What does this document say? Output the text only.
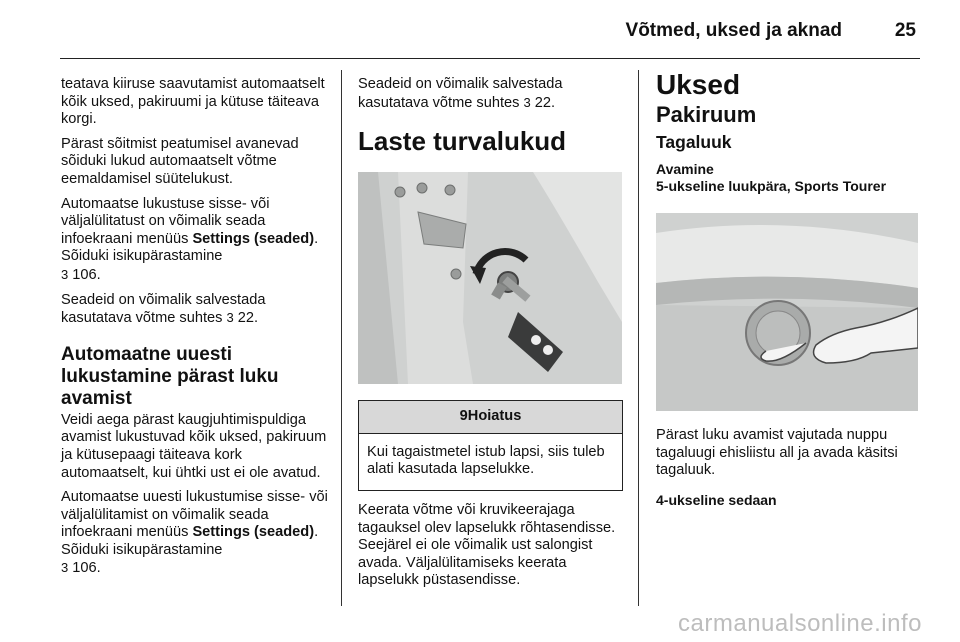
Võtmed, uksed ja aknad	25

teatava kiiruse saavutamist automaatselt kõik uksed, pakiruumi ja kütuse täiteava korgi.

Pärast sõitmist peatumisel avanevad sõiduki lukud automaatselt võtme eemaldamisel süütelukust.

Automaatse lukustuse sisse- või väljalülitatust on võimalik seada infoekraani menüüs Settings (seaded). Sõiduki isikupärastamine
3 106.

Seadeid on võimalik salvestada kasutatava võtme suhtes 3 22.

Automaatne uuesti lukustamine pärast luku avamist

Veidi aega pärast kaugjuhtimispuldiga avamist lukustuvad kõik uksed, pakiruum ja kütusepaagi täiteava kork automaatselt, kui ühtki ust ei ole avatud.

Automaatse uuesti lukustumise sisse- või väljalülitamist on võimalik seada infoekraani menüüs Settings (seaded). Sõiduki isikupärastamine
3 106.

Seadeid on võimalik salvestada kasutatava võtme suhtes 3 22.

Laste turvalukud
9Hoiatus
Kui tagaistmetel istub lapsi, siis tuleb alati kasutada lapselukke.

Keerata võtme või kruvikeerajaga tagauksel olev lapselukk rõhtasendisse. Seejärel ei ole võimalik ust salongist avada. Väljalülitamiseks keerata lapselukk püstasendisse.

Uksed
Pakiruum
Tagaluuk
Avamine
5-ukseline luukpära, Sports Tourer

Pärast luku avamist vajutada nuppu tagaluugi ehisliistu all ja avada käsitsi tagaluuk.

4-ukseline sedaan
carmanualsonline.info
